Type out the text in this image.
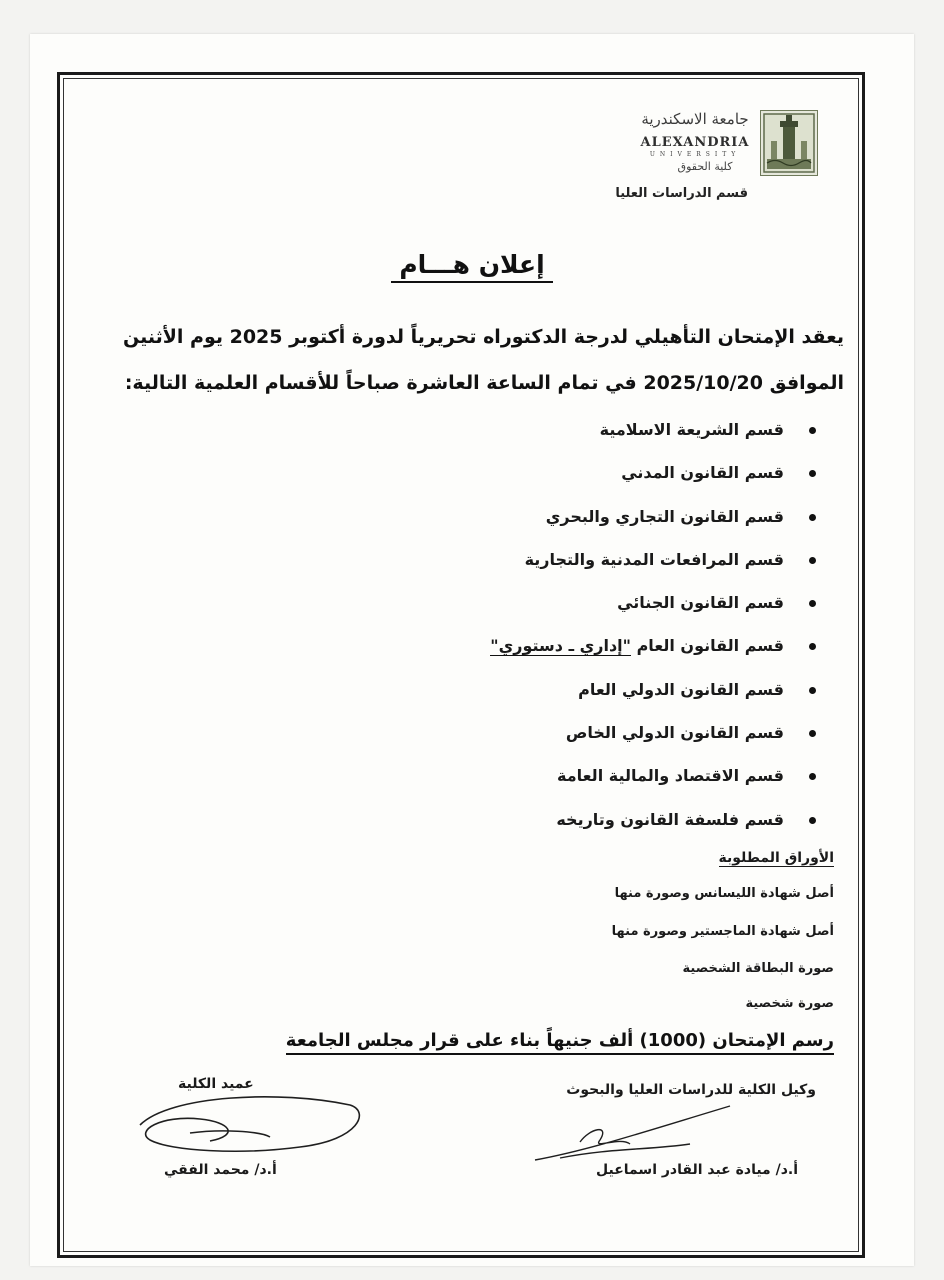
جامعة الاسكندرية
ALEXANDRIA
UNIVERSITY
كلية الحقوق
قسم الدراسات العليا
إعلان هـــام
يعقد الإمتحان التأهيلي لدرجة الدكتوراه تحريرياً لدورة أكتوبر 2025 يوم الأثنين
الموافق 2025/10/20 في تمام الساعة العاشرة صباحاً للأقسام العلمية التالية:
قسم الشريعة الاسلامية
قسم القانون المدني
قسم القانون التجاري والبحري
قسم المرافعات المدنية والتجارية
قسم القانون الجنائي
قسم القانون العام "إداري ـ دستوري"
قسم القانون الدولي العام
قسم القانون الدولي الخاص
قسم الاقتصاد والمالية العامة
قسم فلسفة القانون وتاريخه
الأوراق المطلوبة
أصل شهادة الليسانس وصورة منها
أصل شهادة الماجستير وصورة منها
صورة البطاقة الشخصية
صورة شخصية
رسم الإمتحان (1000) ألف جنيهاً بناء على قرار مجلس الجامعة
وكيل الكلية للدراسات العليا والبحوث
عميد الكلية
أ.د/ ميادة عبد القادر اسماعيل
أ.د/ محمد الفقي
